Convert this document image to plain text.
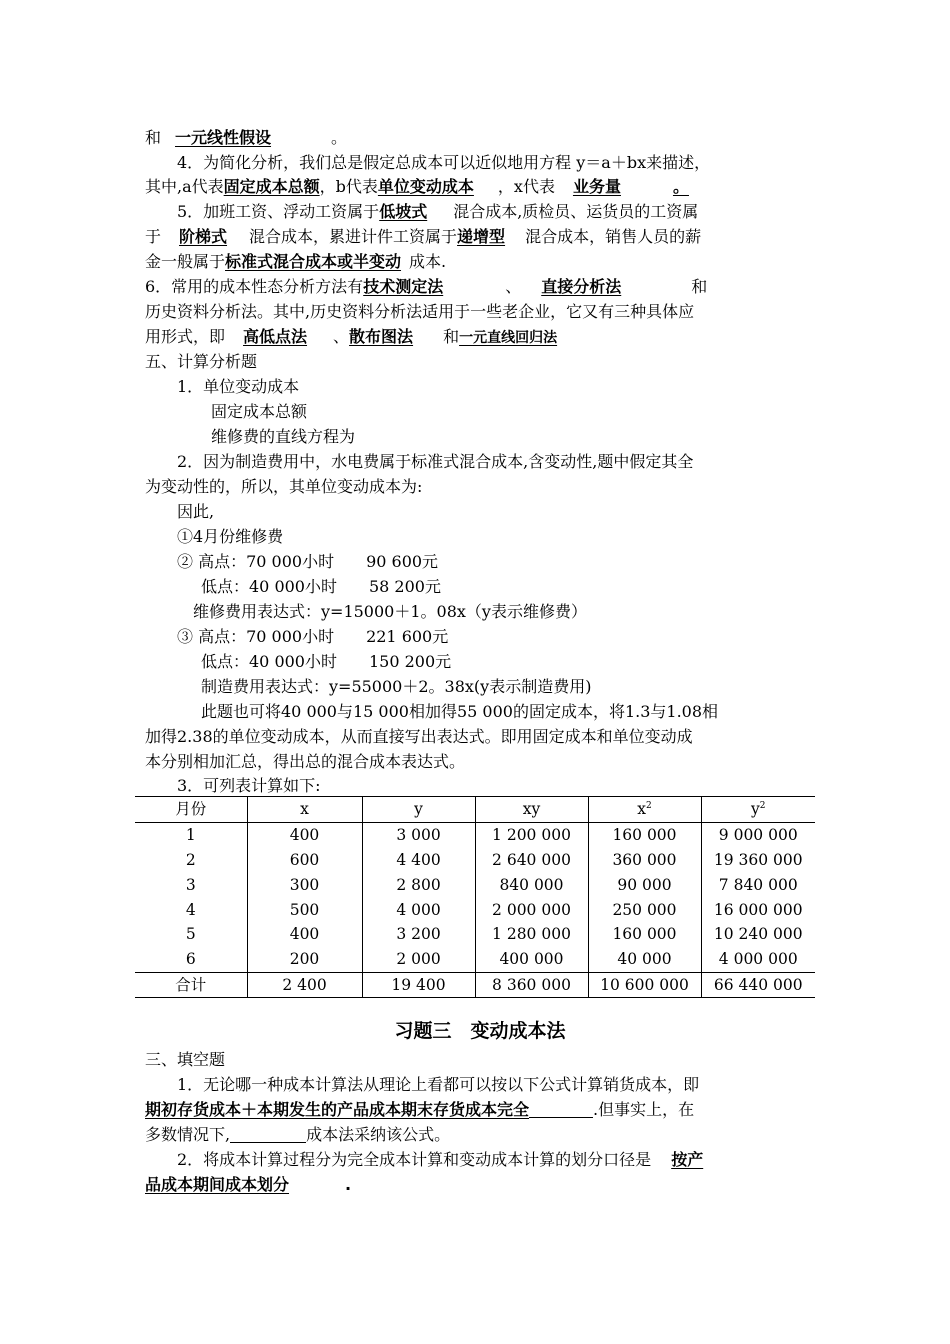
和 一元线性假设	。
4．为简化分析，我们总是假定总成本可以近似地用方程 y＝a＋bx来描述，
其中,a代表固定成本总额，b代表单位变动成本 ，x代表 业务量	。
5．加班工资、浮动工资属于低坡式 混合成本,质检员、运货员的工资属
于 阶梯式 混合成本，累进计件工资属于递增型 混合成本，销售人员的薪
金一般属于标准式混合成本或半变动 成本.
6．常用的成本性态分析方法有技术测定法	、 直接分析法	和
历史资料分析法。其中,历史资料分析法适用于一些老企业，它又有三种具体应
用形式，即 高低点法 、散布图法 和一元直线回归法
五、计算分析题
1．单位变动成本
固定成本总额
维修费的直线方程为
2．因为制造费用中，水电费属于标准式混合成本,含变动性,题中假定其全
为变动性的，所以，其单位变动成本为:
因此,
①4月份维修费
② 高点：70 000小时　　90 600元
低点：40 000小时　　58 200元
维修费用表达式：y=15000＋1。08x（y表示维修费）
③ 高点：70 000小时　　221 600元
低点：40 000小时　　150 200元
制造费用表达式：y=55000＋2。38x(y表示制造费用)
此题也可将40 000与15 000相加得55 000的固定成本，将1.3与1.08相
加得2.38的单位变动成本，从而直接写出表达式。即用固定成本和单位变动成
本分别相加汇总，得出总的混合成本表达式。
3．可列表计算如下:
月份	x	y	xy	$x^2$	$y^2$
1	400	3 000	1 200 000	160 000	9 000 000
2	600	4 400	2 640 000	360 000	19 360 000
3	300	2 800	840 000	90 000	7 840 000
4	500	4 000	2 000 000	250 000	16 000 000
5	400	3 200	1 280 000	160 000	10 240 000
6	200	2 000	400 000	40 000	4 000 000
合计	2 400	19 400	8 360 000	10 600 000	66 440 000
习题三　变动成本法
三、填空题
1．无论哪一种成本计算法从理论上看都可以按以下公式计算销货成本，即
期初存货成本＋本期发生的产品成本期末存货成本完全	.但事实上，在
多数情况下,	成本法采纳该公式。
2．将成本计算过程分为完全成本计算和变动成本计算的划分口径是 按产
品成本期间成本划分	.
